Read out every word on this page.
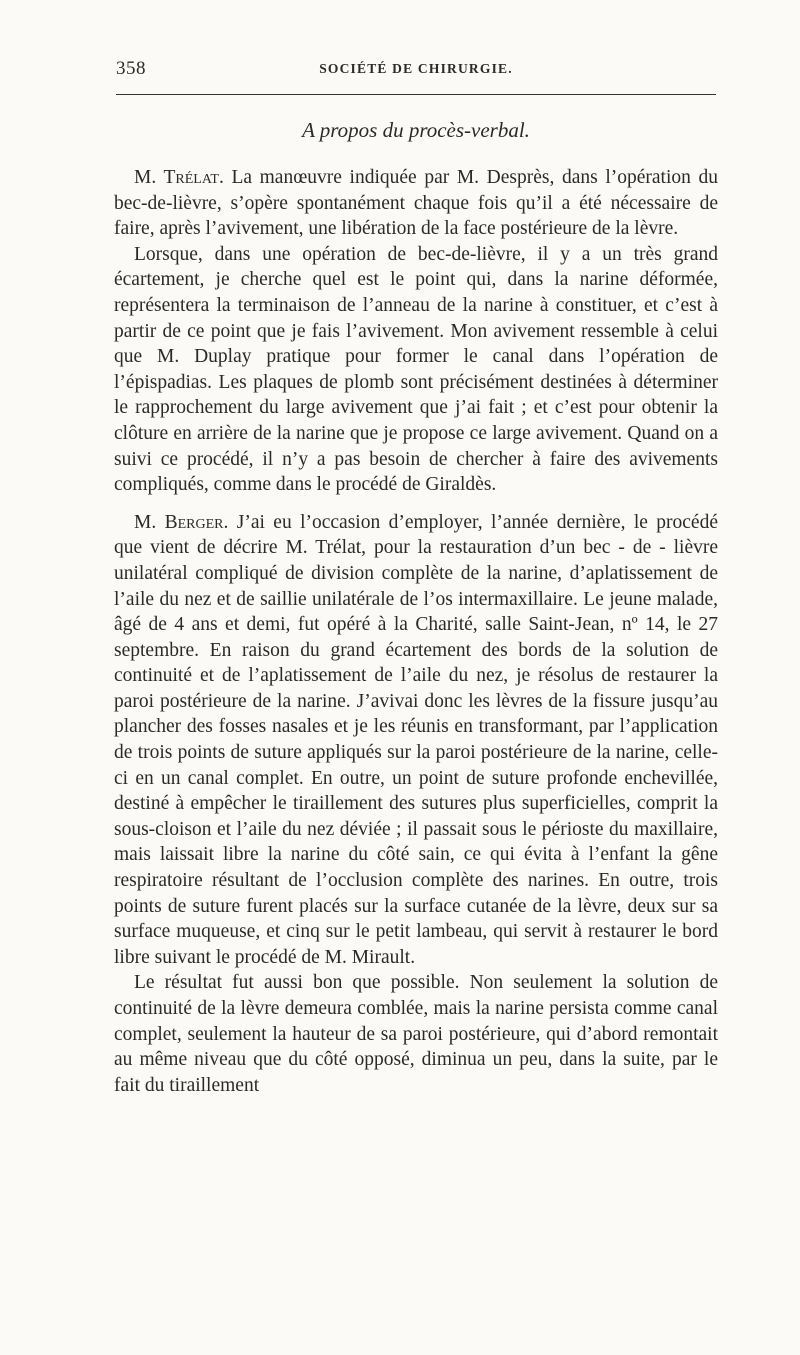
358	SOCIÉTÉ DE CHIRURGIE.
A propos du procès-verbal.

M. Trélat. La manœuvre indiquée par M. Desprès, dans l’opération du bec-de-lièvre, s’opère spontanément chaque fois qu’il a été nécessaire de faire, après l’avivement, une libération de la face postérieure de la lèvre.

Lorsque, dans une opération de bec-de-lièvre, il y a un très grand écartement, je cherche quel est le point qui, dans la narine déformée, représentera la terminaison de l’anneau de la narine à constituer, et c’est à partir de ce point que je fais l’avivement. Mon avivement ressemble à celui que M. Duplay pratique pour former le canal dans l’opération de l’épispadias. Les plaques de plomb sont précisément destinées à déterminer le rapprochement du large avivement que j’ai fait ; et c’est pour obtenir la clôture en arrière de la narine que je propose ce large avivement. Quand on a suivi ce procédé, il n’y a pas besoin de chercher à faire des avivements compliqués, comme dans le procédé de Giraldès.

M. Berger. J’ai eu l’occasion d’employer, l’année dernière, le procédé que vient de décrire M. Trélat, pour la restauration d’un bec - de - lièvre unilatéral compliqué de division complète de la narine, d’aplatissement de l’aile du nez et de saillie unilatérale de l’os intermaxillaire. Le jeune malade, âgé de 4 ans et demi, fut opéré à la Charité, salle Saint-Jean, nº 14, le 27 septembre. En raison du grand écartement des bords de la solution de continuité et de l’aplatissement de l’aile du nez, je résolus de restaurer la paroi postérieure de la narine. J’avivai donc les lèvres de la fissure jusqu’au plancher des fosses nasales et je les réunis en transformant, par l’application de trois points de suture appliqués sur la paroi postérieure de la narine, celle-ci en un canal complet. En outre, un point de suture profonde enchevillée, destiné à empêcher le tiraillement des sutures plus superficielles, comprit la sous-cloison et l’aile du nez déviée ; il passait sous le périoste du maxillaire, mais laissait libre la narine du côté sain, ce qui évita à l’enfant la gêne respiratoire résultant de l’occlusion complète des narines. En outre, trois points de suture furent placés sur la surface cutanée de la lèvre, deux sur sa surface muqueuse, et cinq sur le petit lambeau, qui servit à restaurer le bord libre suivant le procédé de M. Mirault.

Le résultat fut aussi bon que possible. Non seulement la solution de continuité de la lèvre demeura comblée, mais la narine persista comme canal complet, seulement la hauteur de sa paroi postérieure, qui d’abord remontait au même niveau que du côté opposé, diminua un peu, dans la suite, par le fait du tiraillement
